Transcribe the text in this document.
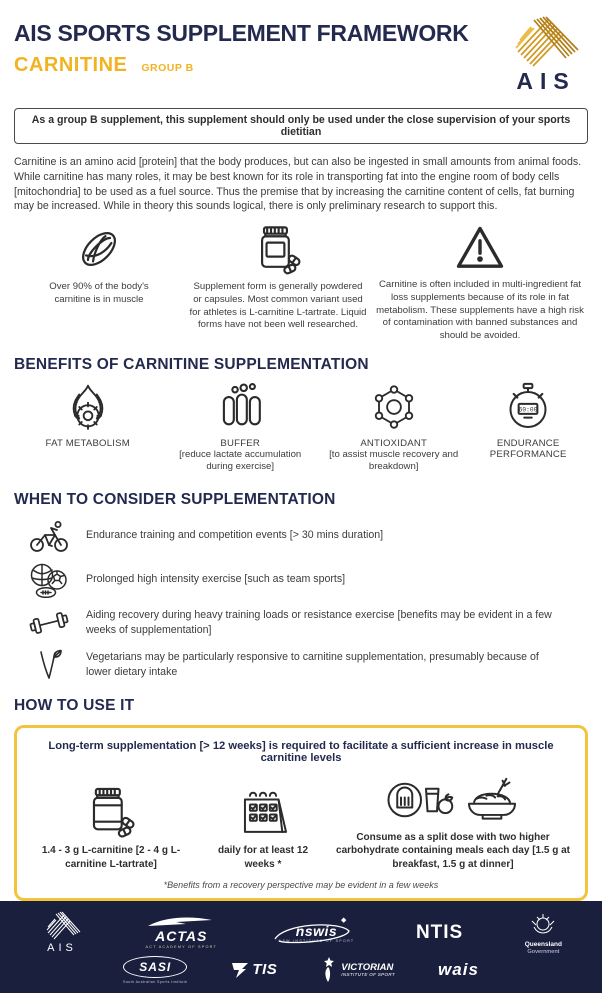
AIS SPORTS SUPPLEMENT FRAMEWORK
CARNITINE GROUP B	AIS
As a group B supplement, this supplement should only be used under the close supervision of your sports dietitian
Carnitine is an amino acid [protein] that the body produces, but can also be ingested in small amounts from animal foods. While carnitine has many roles, it may be best known for its role in transporting fat into the engine room of body cells [mitochondria] to be used as a fuel source. Thus the premise that by increasing the carnitine content of cells, fat burning may be increased. While in theory this sounds logical, there is only preliminary research to support this.
Over 90% of the body's carnitine is in muscle
Supplement form is generally powdered or capsules. Most common variant used for athletes is L-carnitine L-tartrate. Liquid forms have not been well researched.
Carnitine is often included in multi-ingredient fat loss supplements because of its role in fat metabolism. These supplements have a high risk of contamination with banned substances and should be avoided.
BENEFITS OF CARNITINE SUPPLEMENTATION
FAT METABOLISM	BUFFER
[reduce lactate accumulation during exercise]
ANTIOXIDANT
[to assist muscle recovery and breakdown]
60:00
ENDURANCE PERFORMANCE
WHEN TO CONSIDER SUPPLEMENTATION
Endurance training and competition events [> 30 mins duration]
Prolonged high intensity exercise [such as team sports]
Aiding recovery during heavy training loads or resistance exercise [benefits may be evident in a few weeks of supplementation]
Vegetarians may be particularly responsive to carnitine supplementation, presumably because of lower dietary intake
HOW TO USE IT
Long-term supplementation [> 12 weeks] is required to facilitate a sufficient increase in muscle carnitine levels
1.4 - 3 g L-carnitine [2 - 4 g L-carnitine L-tartrate]
daily for at least 12 weeks *
Consume as a split dose with two higher carbohydrate containing meals each day [1.5 g at breakfast, 1.5 g at dinner]
*Benefits from a recovery perspective may be evident in a few weeks
AIS
ACTAS
ACT ACADEMY OF SPORT
◆
nswis
NSW INSTITUTE OF SPORT	NTIS
Queensland
Government
SASI
South Australian Sports Institute
TIS	VICTORIAN
INSTITUTE OF SPORT	wais
